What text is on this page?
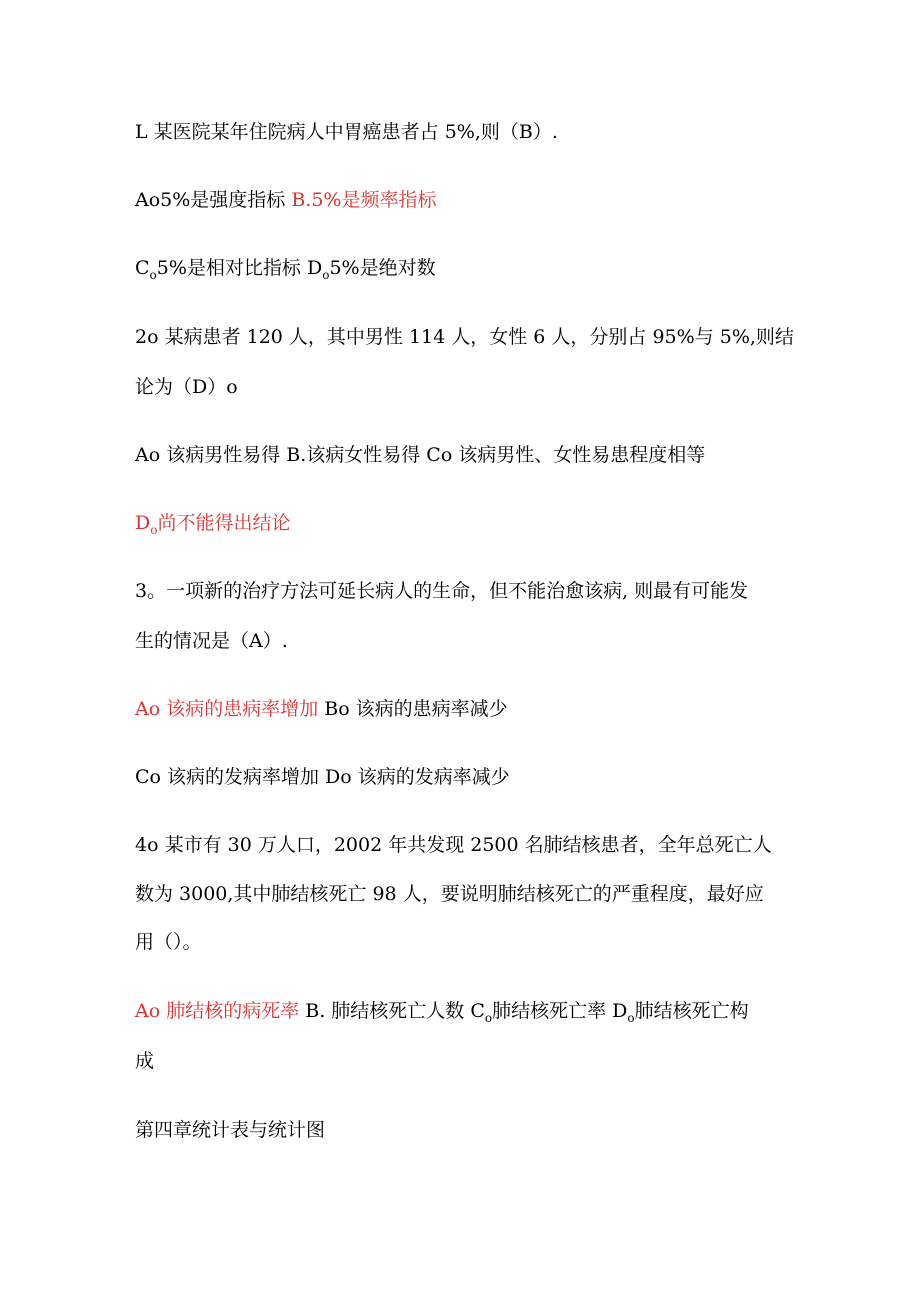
L 某医院某年住院病人中胃癌患者占 5%,则（B）.

Ao5%是强度指标 B.5%是频率指标

$C_o5\%$是相对比指标 $D_o5\%$是绝对数

2o 某病患者 120 人，其中男性 114 人，女性 6 人，分别占 95%与 5%,则结

论为（D）o

Ao 该病男性易得 B.该病女性易得 Co 该病男性、女性易患程度相等

$D_o$尚不能得出结论

3。一项新的治疗方法可延长病人的生命，但不能治愈该病, 则最有可能发

生的情况是（A）.

Ao 该病的患病率增加 Bo 该病的患病率减少

Co 该病的发病率增加 Do 该病的发病率减少

4o 某市有 30 万人口，2002 年共发现 2500 名肺结核患者，全年总死亡人

数为 3000,其中肺结核死亡 98 人，要说明肺结核死亡的严重程度，最好应

用（）。

Ao 肺结核的病死率 B. 肺结核死亡人数 $C_o$肺结核死亡率 $D_o$肺结核死亡构

成

第四章统计表与统计图
